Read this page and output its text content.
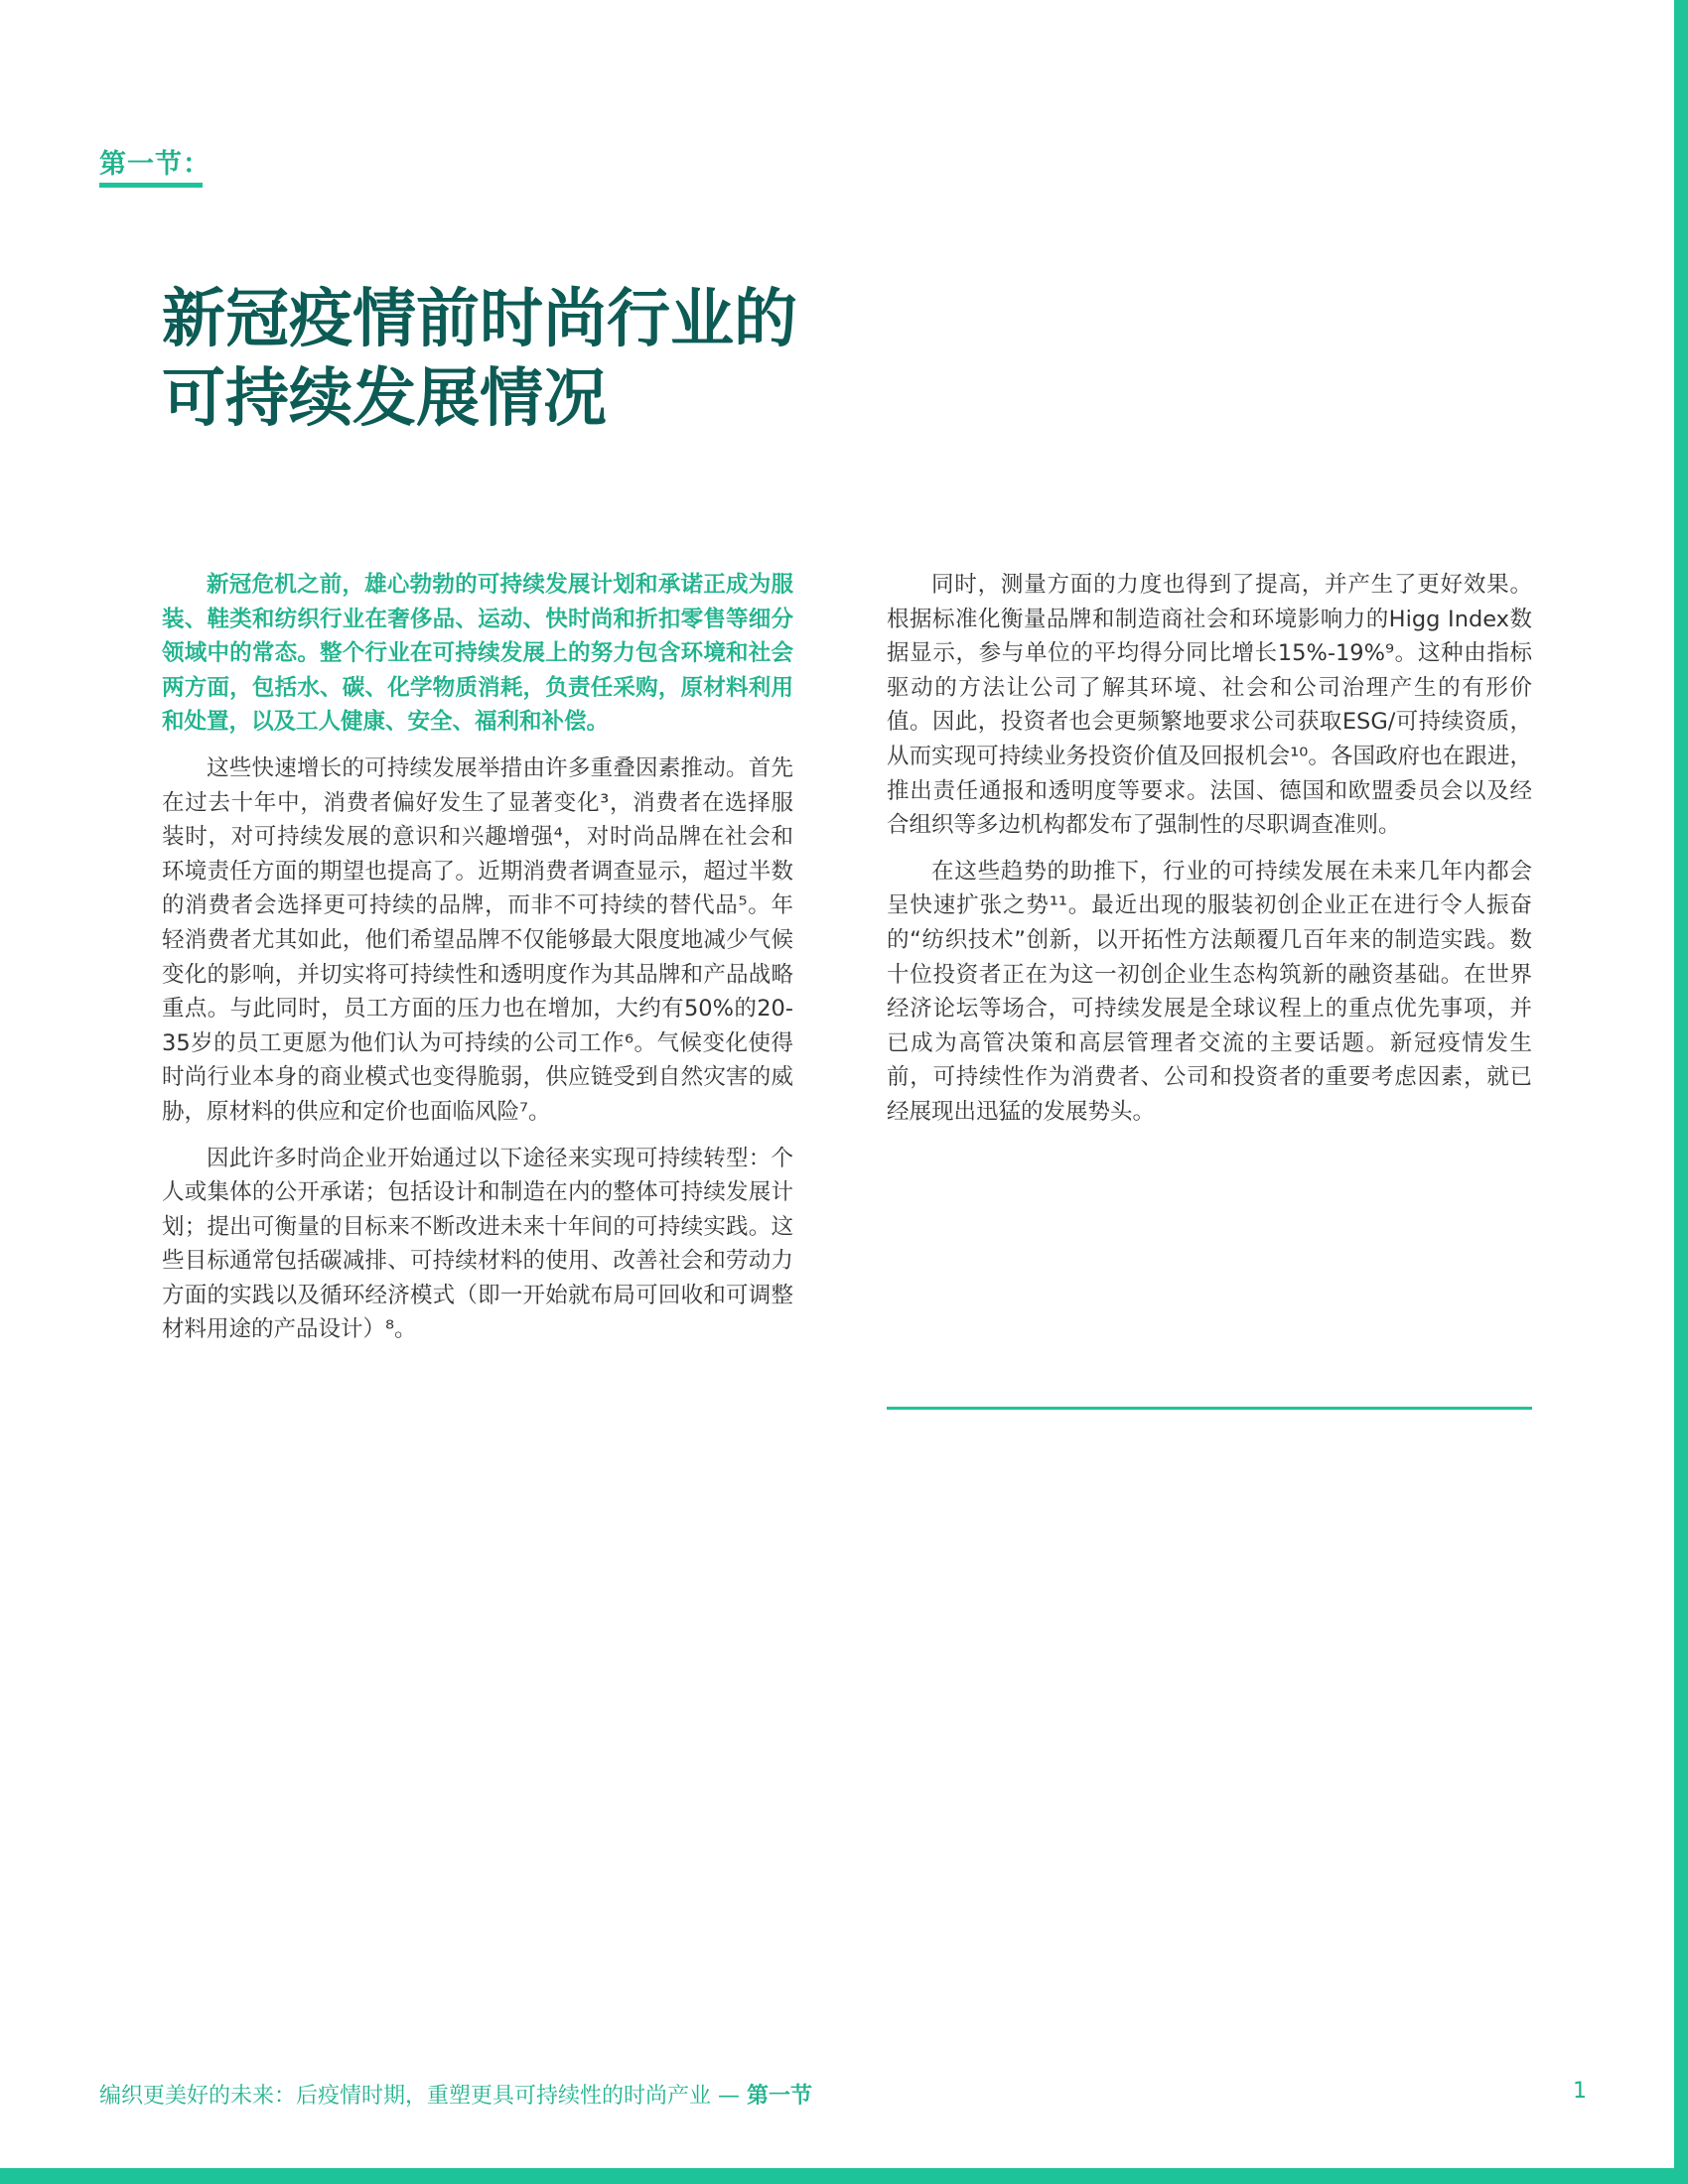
第一节：
新冠疫情前时尚行业的
可持续发展情况

新冠危机之前，雄心勃勃的可持续发展计划和承诺正成为服装、鞋类和纺织行业在奢侈品、运动、快时尚和折扣零售等细分领域中的常态。整个行业在可持续发展上的努力包含环境和社会两方面，包括水、碳、化学物质消耗，负责任采购，原材料利用和处置，以及工人健康、安全、福利和补偿。

这些快速增长的可持续发展举措由许多重叠因素推动。首先在过去十年中，消费者偏好发生了显著变化³，消费者在选择服装时，对可持续发展的意识和兴趣增强⁴，对时尚品牌在社会和环境责任方面的期望也提高了。近期消费者调查显示，超过半数的消费者会选择更可持续的品牌，而非不可持续的替代品⁵。年轻消费者尤其如此，他们希望品牌不仅能够最大限度地减少气候变化的影响，并切实将可持续性和透明度作为其品牌和产品战略重点。与此同时，员工方面的压力也在增加，大约有50%的20-35岁的员工更愿为他们认为可持续的公司工作⁶。气候变化使得时尚行业本身的商业模式也变得脆弱，供应链受到自然灾害的威胁，原材料的供应和定价也面临风险⁷。

因此许多时尚企业开始通过以下途径来实现可持续转型：个人或集体的公开承诺；包括设计和制造在内的整体可持续发展计划；提出可衡量的目标来不断改进未来十年间的可持续实践。这些目标通常包括碳减排、可持续材料的使用、改善社会和劳动力方面的实践以及循环经济模式（即一开始就布局可回收和可调整材料用途的产品设计）⁸。

同时，测量方面的力度也得到了提高，并产生了更好效果。根据标准化衡量品牌和制造商社会和环境影响力的Higg Index数据显示，参与单位的平均得分同比增长15%-19%⁹。这种由指标驱动的方法让公司了解其环境、社会和公司治理产生的有形价值。因此，投资者也会更频繁地要求公司获取ESG/可持续资质，从而实现可持续业务投资价值及回报机会¹⁰。各国政府也在跟进，推出责任通报和透明度等要求。法国、德国和欧盟委员会以及经合组织等多边机构都发布了强制性的尽职调查准则。

在这些趋势的助推下，行业的可持续发展在未来几年内都会呈快速扩张之势¹¹。最近出现的服装初创企业正在进行令人振奋的“纺织技术”创新，以开拓性方法颠覆几百年来的制造实践。数十位投资者正在为这一初创企业生态构筑新的融资基础。在世界经济论坛等场合，可持续发展是全球议程上的重点优先事项，并已成为高管决策和高层管理者交流的主要话题。新冠疫情发生前，可持续性作为消费者、公司和投资者的重要考虑因素，就已经展现出迅猛的发展势头。

编织更美好的未来：后疫情时期，重塑更具可持续性的时尚产业 — 第一节	1
